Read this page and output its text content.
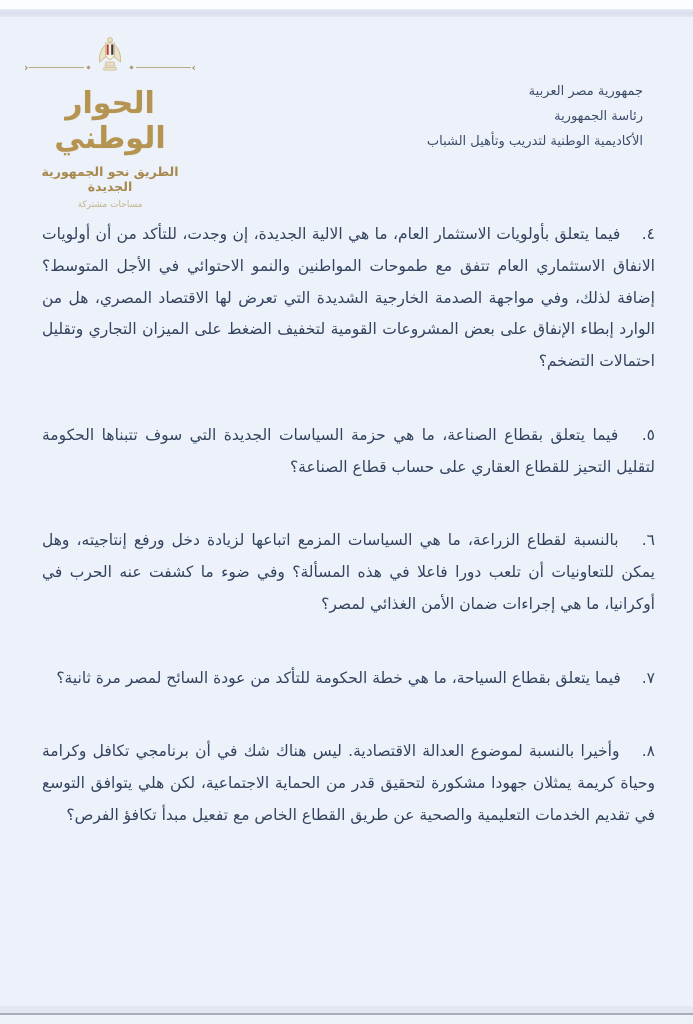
›	‹
الحوار الوطني
الطريق نحو الجمهورية الجديدة
مساحات مشتركة
جمهورية مصر العربية
رئاسة الجمهورية
الأكاديمية الوطنية لتدريب وتأهيل الشباب

٤. فيما يتعلق بأولويات الاستثمار العام، ما هي الالية الجديدة، إن وجدت، للتأكد من أن أولويات الانفاق الاستثماري العام تتفق مع طموحات المواطنين والنمو الاحتوائي في الأجل المتوسط؟ إضافة لذلك، وفي مواجهة الصدمة الخارجية الشديدة التي تعرض لها الاقتصاد المصري، هل من الوارد إبطاء الإنفاق على بعض المشروعات القومية لتخفيف الضغط على الميزان التجاري وتقليل احتمالات التضخم؟

٥. فيما يتعلق بقطاع الصناعة، ما هي حزمة السياسات الجديدة التي سوف تتبناها الحكومة لتقليل التحيز للقطاع العقاري على حساب قطاع الصناعة؟

٦. بالنسبة لقطاع الزراعة، ما هي السياسات المزمع اتباعها لزيادة دخل ورفع إنتاجيته، وهل يمكن للتعاونيات أن تلعب دورا فاعلا في هذه المسألة؟ وفي ضوء ما كشفت عنه الحرب في أوكرانيا، ما هي إجراءات ضمان الأمن الغذائي لمصر؟

٧. فيما يتعلق بقطاع السياحة، ما هي خطة الحكومة للتأكد من عودة السائح لمصر مرة ثانية؟

٨. وأخيرا بالنسبة لموضوع العدالة الاقتصادية. ليس هناك شك في أن برنامجي تكافل وكرامة وحياة كريمة يمثلان جهودا مشكورة لتحقيق قدر من الحماية الاجتماعية، لكن هلي يتوافق التوسع في تقديم الخدمات التعليمية والصحية عن طريق القطاع الخاص مع تفعيل مبدأ تكافؤ الفرص؟
